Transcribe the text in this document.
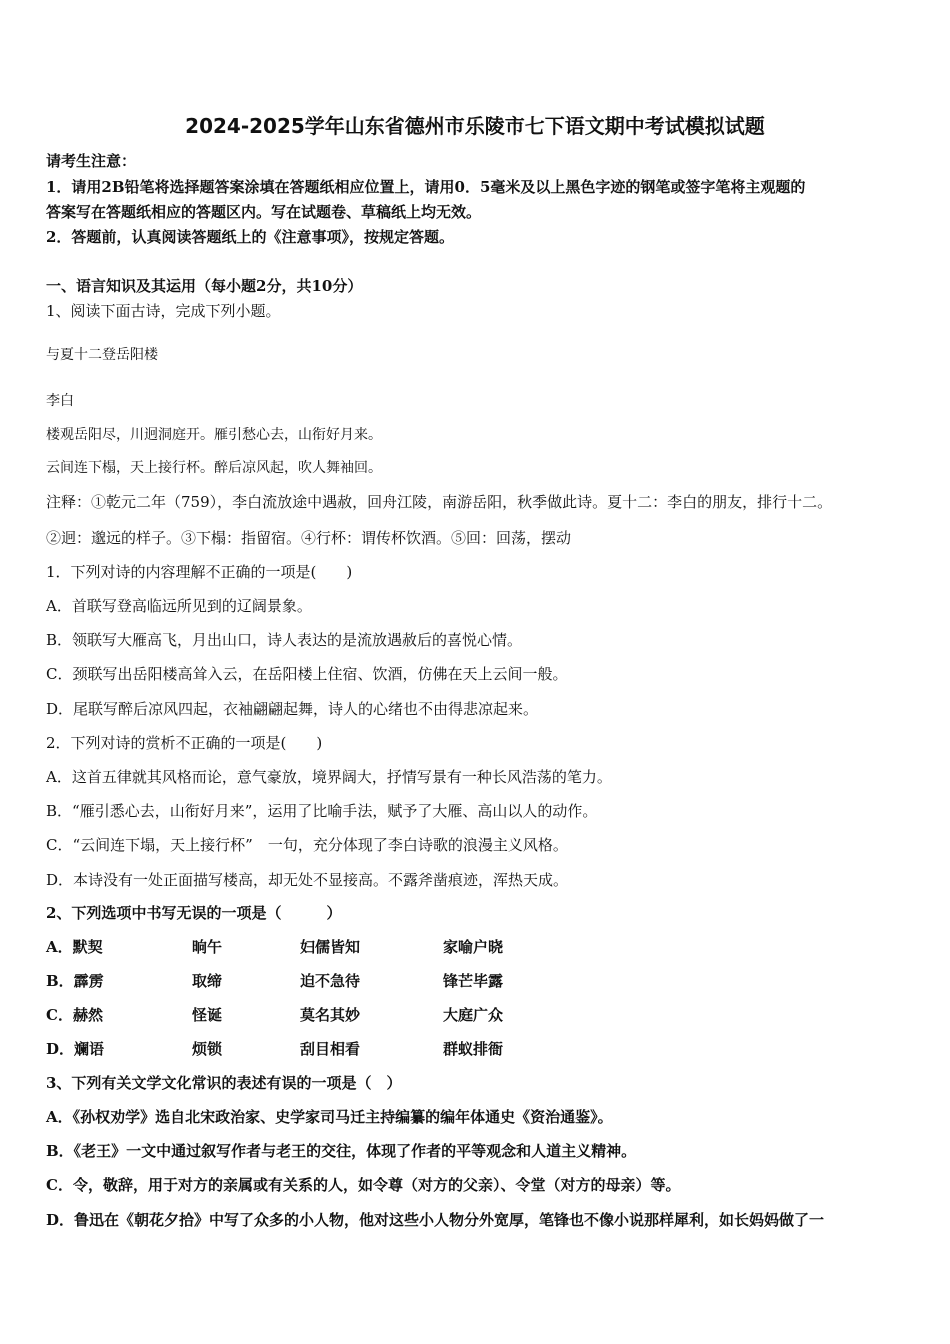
2024-2025学年山东省德州市乐陵市七下语文期中考试模拟试题
请考生注意：
1．请用2B铅笔将选择题答案涂填在答题纸相应位置上，请用0．5毫米及以上黑色字迹的钢笔或签字笔将主观题的
答案写在答题纸相应的答题区内。写在试题卷、草稿纸上均无效。
2．答题前，认真阅读答题纸上的《注意事项》，按规定答题。
一、语言知识及其运用（每小题2分，共10分）
1、阅读下面古诗，完成下列小题。
与夏十二登岳阳楼
李白
楼观岳阳尽，川迥洞庭开。雁引愁心去，山衔好月来。
云间连下榻，天上接行杯。醉后凉风起，吹人舞袖回。
注释：①乾元二年（759），李白流放途中遇赦，回舟江陵，南游岳阳，秋季做此诗。夏十二：李白的朋友，排行十二。
②迥：邈远的样子。③下榻：指留宿。④行杯：谓传杯饮酒。⑤回：回荡，摆动
1．下列对诗的内容理解不正确的一项是(　　)
A．首联写登高临远所见到的辽阔景象。
B．领联写大雁高飞，月出山口，诗人表达的是流放遇赦后的喜悦心情。
C．颈联写出岳阳楼高耸入云，在岳阳楼上住宿、饮酒，仿佛在天上云间一般。
D．尾联写醉后凉风四起，衣袖翩翩起舞，诗人的心绪也不由得悲凉起来。
2．下列对诗的赏析不正确的一项是(　　)
A．这首五律就其风格而论，意气豪放，境界阔大，抒情写景有一种长风浩荡的笔力。
B．“雁引悉心去，山衔好月来”，运用了比喻手法，赋予了大雁、高山以人的动作。
C．“云间连下塌，天上接行杯”　一句，充分体现了李白诗歌的浪漫主义风格。
D．本诗没有一处正面描写楼高，却无处不显接高。不露斧凿痕迹，浑热天成。
2、下列选项中书写无误的一项是（　　　）
A．默契	晌午	妇儒皆知	家喻户晓
B．霹雳	取缔	迫不急待	锋芒毕露
C．赫然	怪诞	莫名其妙	大庭广众
D．斓语	烦锁	刮目相看	群蚁排衙
3、下列有关文学文化常识的表述有误的一项是（　）
A．《孙权劝学》选自北宋政治家、史学家司马迁主持编纂的编年体通史《资治通鉴》。
B．《老王》一文中通过叙写作者与老王的交往，体现了作者的平等观念和人道主义精神。
C．令，敬辞，用于对方的亲属或有关系的人，如令尊（对方的父亲）、令堂（对方的母亲）等。
D．鲁迅在《朝花夕拾》中写了众多的小人物，他对这些小人物分外宽厚，笔锋也不像小说那样犀利，如长妈妈做了一
